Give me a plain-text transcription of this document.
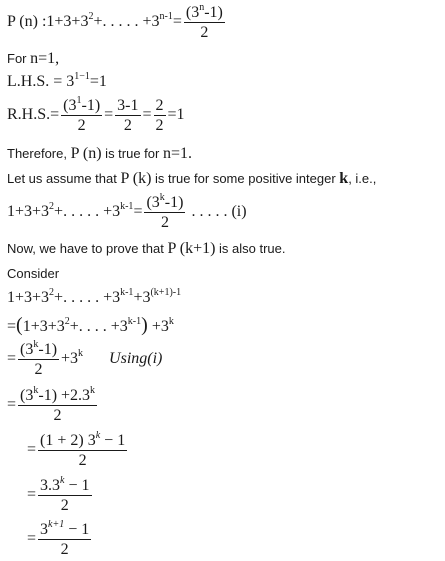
P (n) $:1+3+3^2+$. . . . . $+3^{n-1}= \frac{(3^n-1)}{2}$
For n=1,
L.H.S. = $3^{1-1}=1$
$R.H.S.= \frac{(3^1-1)}{2} = \frac{3-1}{2} = \frac{2}{2} =1$
Therefore, P (n) is true for n=1.
Let us assume that P (k) is true for some positive integer k, i.e.,
$1+3+3^2+$. . . . . $+3^{k-1}= \frac{(3^k-1)}{2}$ . . . . . (i)
Now, we have to prove that P (k+1) is also true.
Consider
$1+3+3^2+$. . . . . $+3^{k-1}+3^{(k+1)-1}$
$=(1+3+3^2+$. . . . $+3^{k-1}) +3^k$
= $\frac{(3^k-1)}{2} +3^k$ Using(i)
= $\frac{(3^k-1) +2.3^k}{2}$
= $\frac{(1 + 2) 3^k - 1}{2}$
= $\frac{3.3^k - 1}{2}$
= $\frac{3^{k+1} - 1}{2}$
